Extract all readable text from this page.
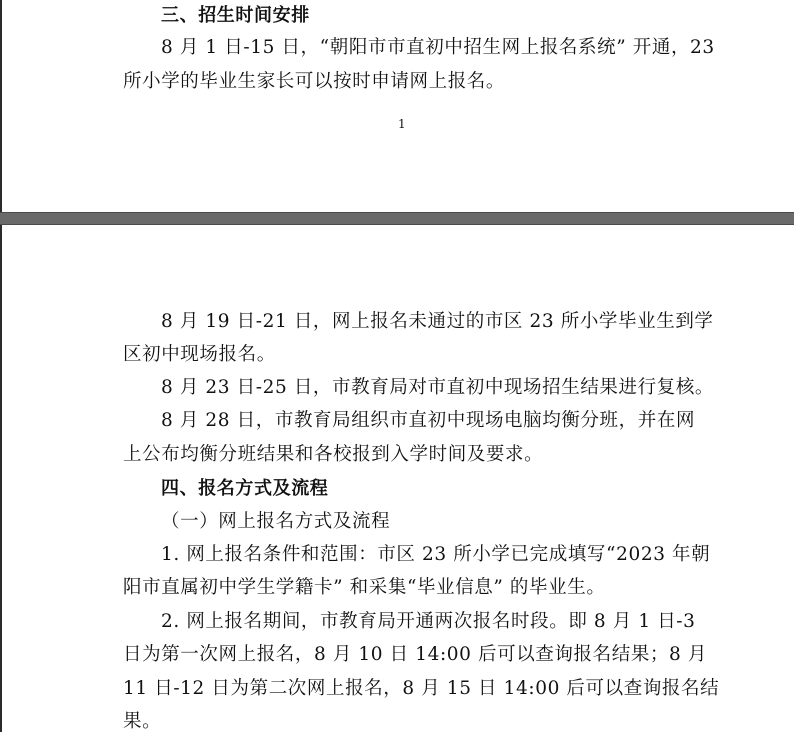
三、招生时间安排
8 月 1 日-15 日，“朝阳市市直初中招生网上报名系统” 开通，23
所小学的毕业生家长可以按时申请网上报名。
1
8 月 19 日-21 日，网上报名未通过的市区 23 所小学毕业生到学
区初中现场报名。
8 月 23 日-25 日，市教育局对市直初中现场招生结果进行复核。
8 月 28 日，市教育局组织市直初中现场电脑均衡分班，并在网
上公布均衡分班结果和各校报到入学时间及要求。
四、报名方式及流程
（一）网上报名方式及流程
1. 网上报名条件和范围：市区 23 所小学已完成填写“2023 年朝
阳市直属初中学生学籍卡” 和采集“毕业信息” 的毕业生。
2. 网上报名期间，市教育局开通两次报名时段。即 8 月 1 日-3
日为第一次网上报名，8 月 10 日 14:00 后可以查询报名结果；8 月
11 日-12 日为第二次网上报名，8 月 15 日 14:00 后可以查询报名结
果。
